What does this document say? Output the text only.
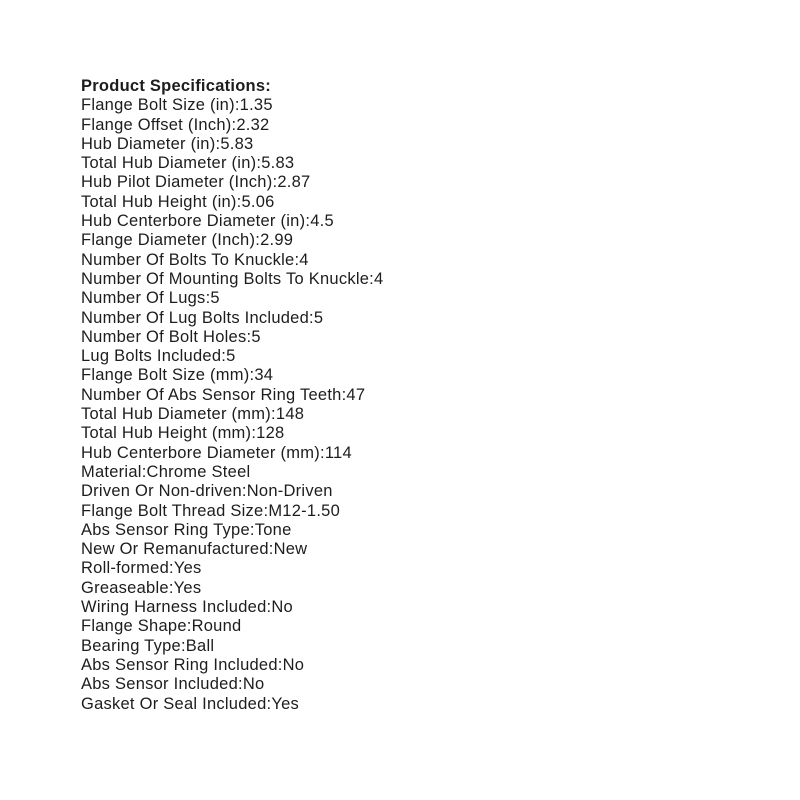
Product Specifications:

Flange Bolt Size (in):1.35
Flange Offset (Inch):2.32
Hub Diameter (in):5.83
Total Hub Diameter (in):5.83
Hub Pilot Diameter (Inch):2.87
Total Hub Height (in):5.06
Hub Centerbore Diameter (in):4.5
Flange Diameter (Inch):2.99
Number Of Bolts To Knuckle:4
Number Of Mounting Bolts To Knuckle:4
Number Of Lugs:5
Number Of Lug Bolts Included:5
Number Of Bolt Holes:5
Lug Bolts Included:5
Flange Bolt Size (mm):34
Number Of Abs Sensor Ring Teeth:47
Total Hub Diameter (mm):148
Total Hub Height (mm):128
Hub Centerbore Diameter (mm):114
Material:Chrome Steel
Driven Or Non-driven:Non-Driven
Flange Bolt Thread Size:M12-1.50
Abs Sensor Ring Type:Tone
New Or Remanufactured:New
Roll-formed:Yes
Greaseable:Yes
Wiring Harness Included:No
Flange Shape:Round
Bearing Type:Ball
Abs Sensor Ring Included:No
Abs Sensor Included:No
Gasket Or Seal Included:Yes
